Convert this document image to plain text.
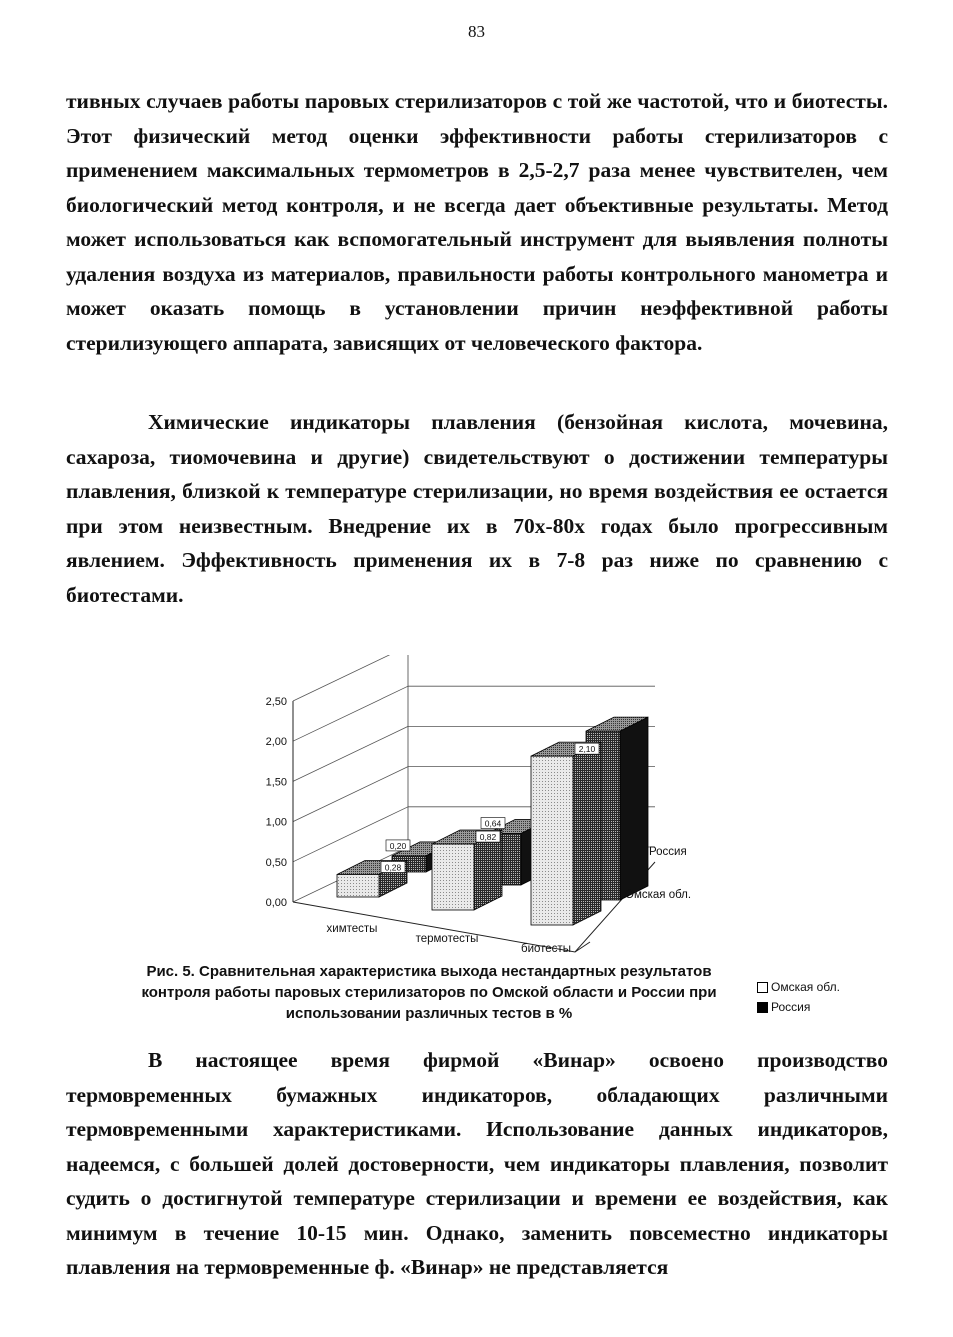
83

тивных случаев работы паровых стерилизаторов с той же частотой, что и биотесты. Этот физический метод оценки эффективности работы стерилизаторов с применением максимальных термометров в 2,5-2,7 раза менее чувствителен, чем биологический метод контроля, и не всегда дает объективные результаты. Метод может использоваться как вспомогательный инструмент для выявления полноты удаления воздуха из материалов, правильности работы контрольного манометра и может оказать помощь в установлении причин неэффективной работы стерилизующего аппарата, зависящих от человеческого фактора.

Химические индикаторы плавления (бензойная кислота, мочевина, сахароза, тиомочевина и другие) свидетельствуют о достижении температуры плавления, близкой к температуре стерилизации, но время воздействия ее остается при этом неизвестным. Внедрение их в 70х-80х годах было прогрессивным явлением. Эффективность применения их в 7-8 раз ниже по сравнению с биотестами.

0,00
0,50
1,00
1,50
2,00
2,50
0,20
0,64
0,28
химтесты
0,82
термотесты
2,10
биотесты
Россия
Омская обл.
Рис. 5. Сравнительная характеристика выхода нестандартных результатов контроля работы паровых стерилизаторов по Омской области и России при использовании различных тестов в %
Омская обл.
Россия

В настоящее время фирмой «Винар» освоено производство термовременных бумажных индикаторов, обладающих различными термовременными характеристиками. Использование данных индикаторов, надеемся, с большей долей достоверности, чем индикаторы плавления, позволит судить о достигнутой температуре стерилизации и времени ее воздействия, как минимум в течение 10-15 мин. Однако, заменить повсеместно индикаторы плавления на термовременные ф. «Винар» не представляется
